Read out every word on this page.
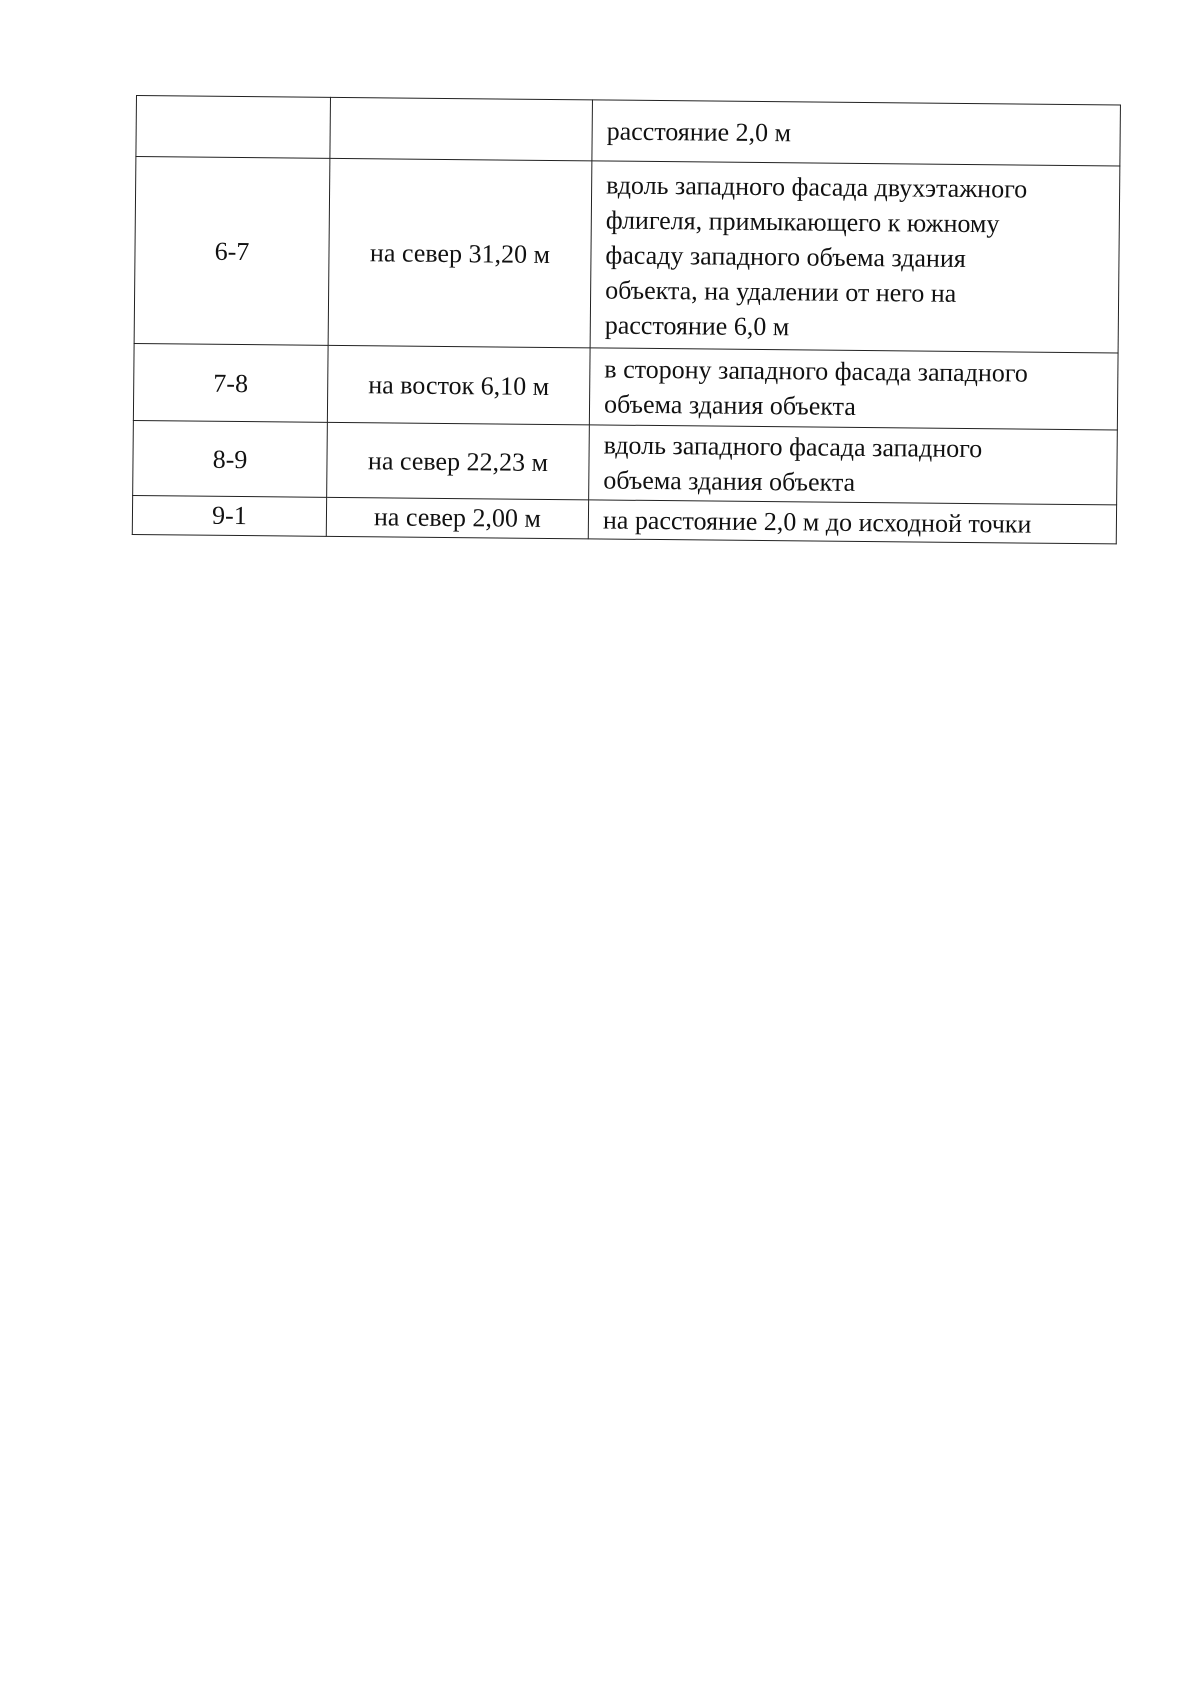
		расстояние 2,0 м

6-7	на север 31,20 м	вдоль западного фасада двухэтажного
флигеля, примыкающего к южному
фасаду западного объема здания
объекта, на удалении от него на
расстояние 6,0 м

7-8	на восток 6,10 м	в сторону западного фасада западного
объема здания объекта

8-9	на север 22,23 м	вдоль западного фасада западного
объема здания объекта

9-1	на север 2,00 м	на расстояние 2,0 м до исходной точки
